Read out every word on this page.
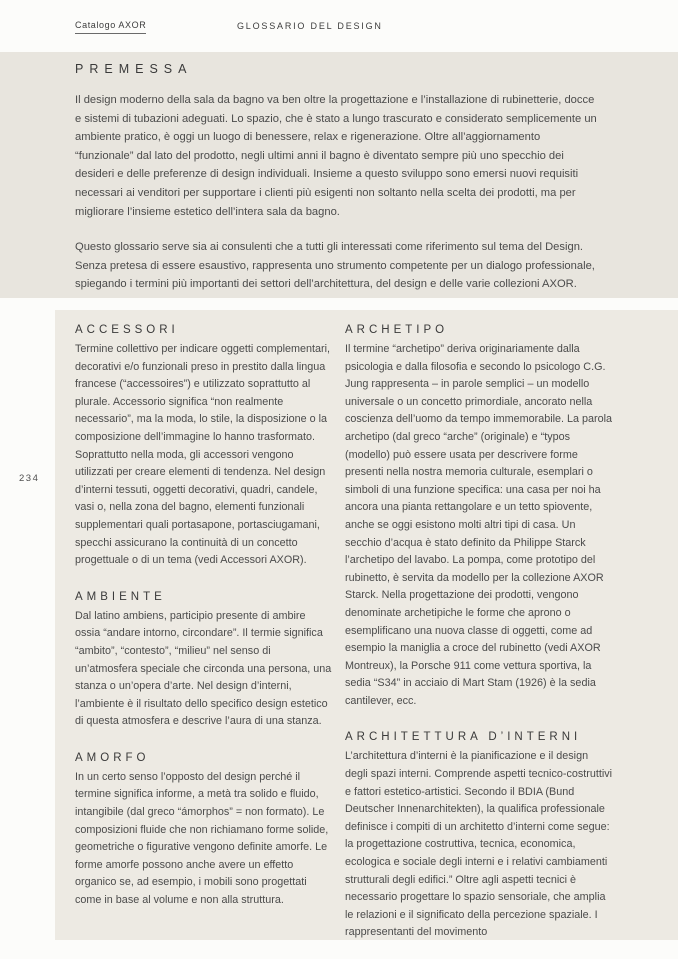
Catalogo AXOR	GLOSSARIO DEL DESIGN
PREMESSA

Il design moderno della sala da bagno va ben oltre la progettazione e l’installazione di rubinetterie, docce e sistemi di tubazioni adeguati. Lo spazio, che è stato a lungo trascurato e considerato semplicemente un ambiente pratico, è oggi un luogo di benessere, relax e rigenerazione. Oltre all’aggiornamento “funzionale” dal lato del prodotto, negli ultimi anni il bagno è diventato sempre più uno specchio dei desideri e delle preferenze di design individuali. Insieme a questo sviluppo sono emersi nuovi requisiti necessari ai venditori per supportare i clienti più esigenti non soltanto nella scelta dei prodotti, ma per migliorare l’insieme estetico dell’intera sala da bagno.

Questo glossario serve sia ai consulenti che a tutti gli interessati come riferimento sul tema del Design. Senza pretesa di essere esaustivo, rappresenta uno strumento competente per un dialogo professionale, spiegando i termini più importanti dei settori dell’architettura, del design e delle varie collezioni AXOR.

234
ACCESSORI

Termine collettivo per indicare oggetti complementari, decorativi e/o funzionali preso in prestito dalla lingua francese (“accessoires”) e utilizzato soprattutto al plurale. Accessorio significa “non realmente necessario”, ma la moda, lo stile, la disposizione o la composizione dell’immagine lo hanno trasformato. Soprattutto nella moda, gli accessori vengono utilizzati per creare elementi di tendenza. Nel design d’interni tessuti, oggetti decorativi, quadri, candele, vasi o, nella zona del bagno, elementi funzionali supplementari quali portasapone, portasciugamani, specchi assicurano la continuità di un concetto progettuale o di un tema (vedi Accessori AXOR).

AMBIENTE

Dal latino ambiens, participio presente di ambire ossia “andare intorno, circondare”. Il termie significa “ambito”, “contesto”, “milieu” nel senso di un’atmosfera speciale che circonda una persona, una stanza o un’opera d’arte. Nel design d’interni, l’ambiente è il risultato dello specifico design estetico di questa atmosfera e descrive l’aura di una stanza.

AMORFO

In un certo senso l’opposto del design perché il termine significa informe, a metà tra solido e fluido, intangibile (dal greco “ámorphos” = non formato). Le composizioni fluide che non richiamano forme solide, geometriche o figurative vengono definite amorfe. Le forme amorfe possono anche avere un effetto organico se, ad esempio, i mobili sono progettati come in base al volume e non alla struttura.

ARCHETIPO

Il termine “archetipo” deriva originariamente dalla psicologia e dalla filosofia e secondo lo psicologo C.G. Jung rappresenta – in parole semplici – un modello universale o un concetto primordiale, ancorato nella coscienza dell’uomo da tempo immemorabile. La parola archetipo (dal greco “arche” (originale) e “typos (modello) può essere usata per descrivere forme presenti nella nostra memoria culturale, esemplari o simboli di una funzione specifica: una casa per noi ha ancora una pianta rettangolare e un tetto spiovente, anche se oggi esistono molti altri tipi di casa. Un secchio d’acqua è stato definito da Philippe Starck l’archetipo del lavabo. La pompa, come prototipo del rubinetto, è servita da modello per la collezione AXOR Starck. Nella progettazione dei prodotti, vengono denominate archetipiche le forme che aprono o esemplificano una nuova classe di oggetti, come ad esempio la maniglia a croce del rubinetto (vedi AXOR Montreux), la Porsche 911 come vettura sportiva, la sedia “S34” in acciaio di Mart Stam (1926) è la sedia cantilever, ecc.

ARCHITETTURA D’INTERNI

L’architettura d’interni è la pianificazione e il design degli spazi interni. Comprende aspetti tecnico-costruttivi e fattori estetico-artistici. Secondo il BDIA (Bund Deutscher Innenarchitekten), la qualifica professionale definisce i compiti di un architetto d’interni come segue: la progettazione costruttiva, tecnica, economica, ecologica e sociale degli interni e i relativi cambiamenti strutturali degli edifici.” Oltre agli aspetti tecnici è necessario progettare lo spazio sensoriale, che amplia le relazioni e il significato della percezione spaziale. I rappresentanti del movimento
